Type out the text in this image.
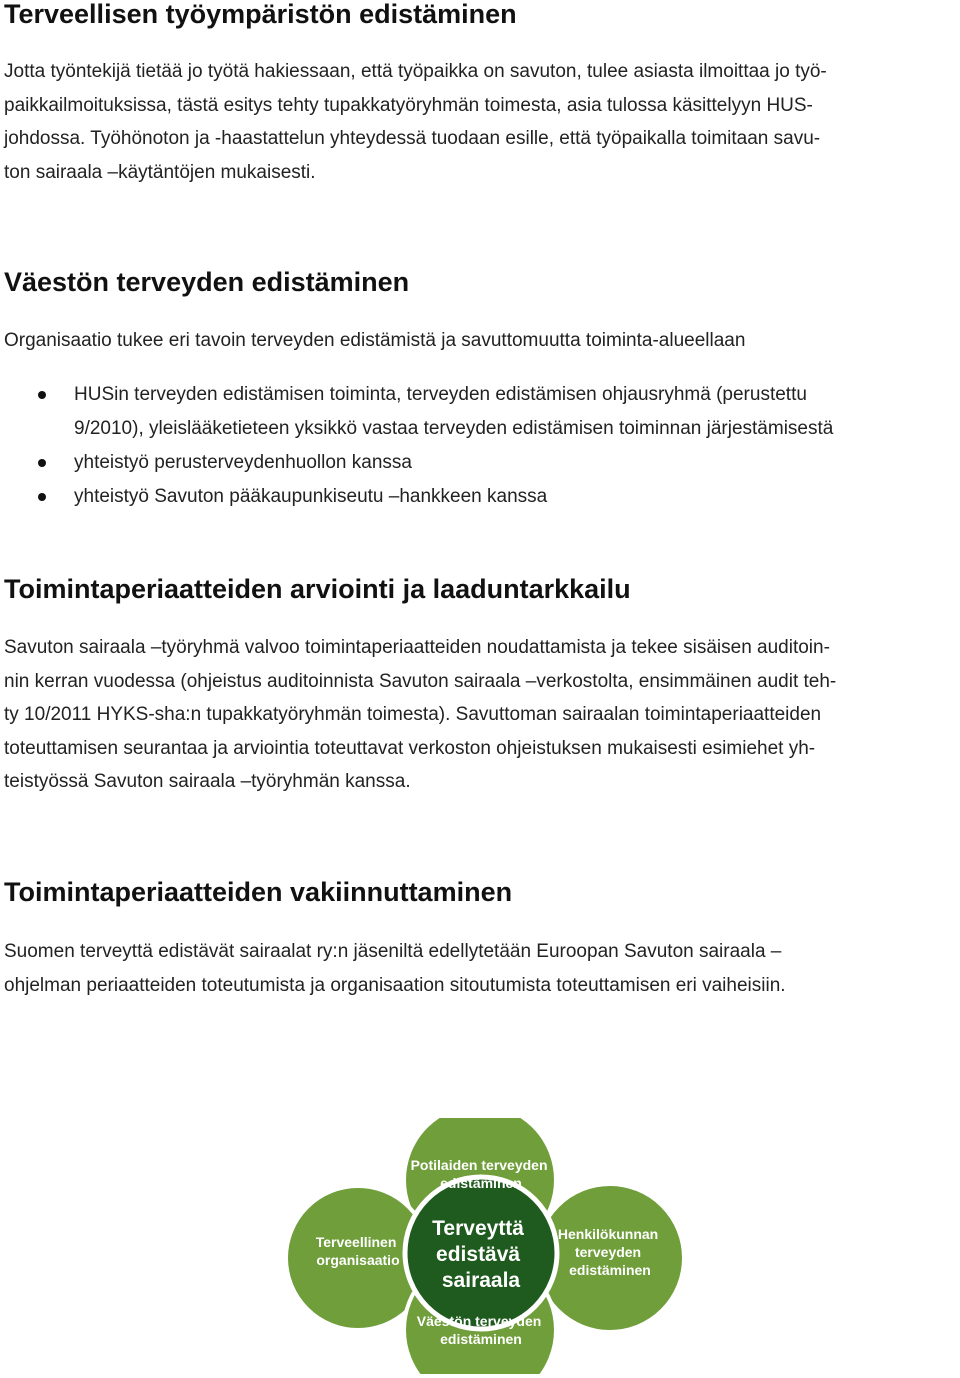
Terveellisen työympäristön edistäminen

Jotta työntekijä tietää jo työtä hakiessaan, että työpaikka on savuton, tulee asiasta ilmoittaa jo työ-
paikkailmoituksissa, tästä esitys tehty tupakkatyöryhmän toimesta, asia tulossa käsittelyyn HUS-
johdossa. Työhönoton ja -haastattelun yhteydessä tuodaan esille, että työpaikalla toimitaan savu-
ton sairaala –käytäntöjen mukaisesti.

Väestön terveyden edistäminen

Organisaatio tukee eri tavoin terveyden edistämistä ja savuttomuutta toiminta-alueellaan

HUSin terveyden edistämisen toiminta, terveyden edistämisen ohjausryhmä (perustettu
9/2010), yleislääketieteen yksikkö vastaa terveyden edistämisen toiminnan järjestämisestä
yhteistyö perusterveydenhuollon kanssa
yhteistyö Savuton pääkaupunkiseutu –hankkeen kanssa
Toimintaperiaatteiden arviointi ja laaduntarkkailu

Savuton sairaala –työryhmä valvoo toimintaperiaatteiden noudattamista ja tekee sisäisen auditoin-
nin kerran vuodessa (ohjeistus auditoinnista Savuton sairaala –verkostolta, ensimmäinen audit teh-
ty 10/2011 HYKS-sha:n tupakkatyöryhmän toimesta). Savuttoman sairaalan toimintaperiaatteiden
toteuttamisen seurantaa ja arviointia toteuttavat verkoston ohjeistuksen mukaisesti esimiehet yh-
teistyössä Savuton sairaala –työryhmän kanssa.

Toimintaperiaatteiden vakiinnuttaminen

Suomen terveyttä edistävät sairaalat ry:n jäseniltä edellytetään Euroopan Savuton sairaala –
ohjelman periaatteiden toteutumista ja organisaation sitoutumista toteuttamisen eri vaiheisiin.

Potilaiden terveyden edistäminen
Terveellinen organisaatio
Henkilökunnan terveyden edistäminen
Väestön terveyden edistäminen
Terveyttä edistävä sairaala
